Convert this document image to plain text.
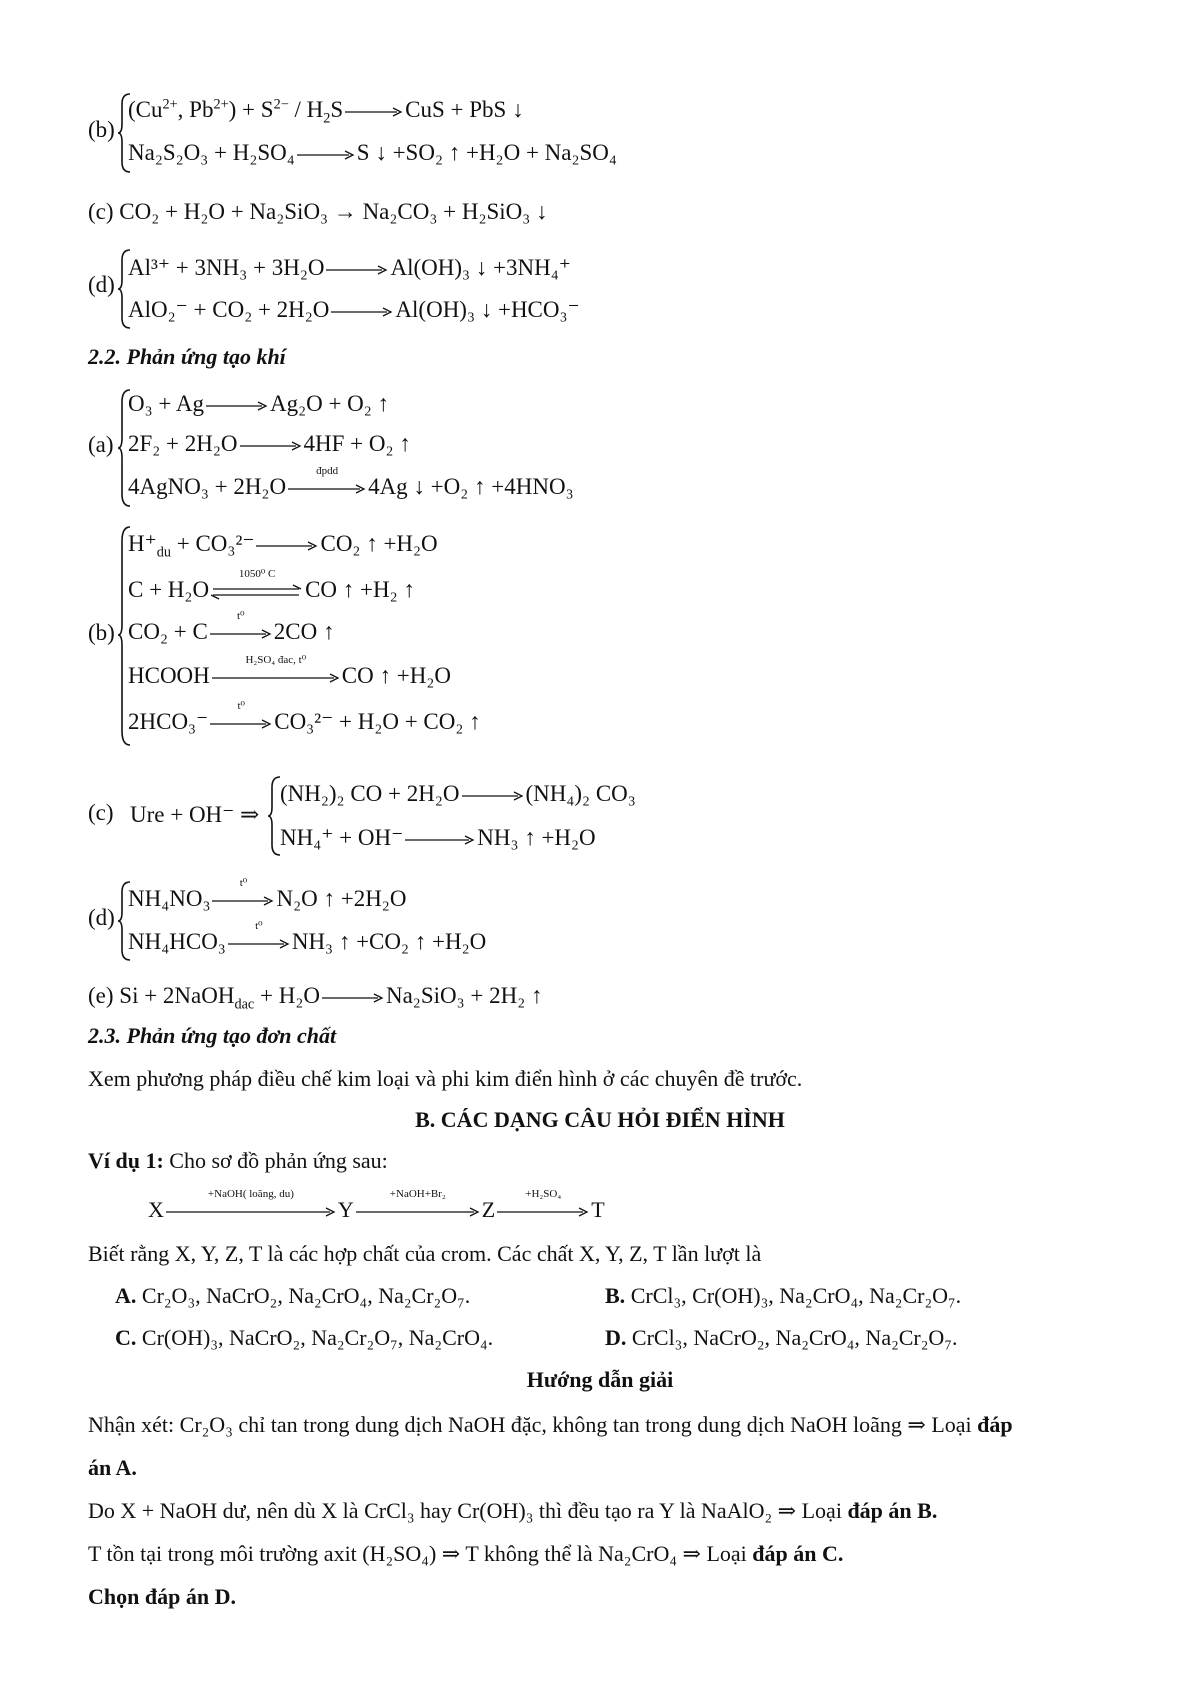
(b)
($Cu^{2+}$, $Pb^{2+}) + S^{2-} / H_2S$ → CuS + PbS ↓
Na₂S₂O₃ + H₂SO₄ → S ↓ +SO₂ ↑ +H₂O + Na₂SO₄
(c) CO₂ + H₂O + Na₂SiO₃ → Na₂CO₃ + H₂SiO₃ ↓
(d)
Al³⁺ + 3NH₃ + 3H₂O → Al(OH)₃ ↓ +3NH₄⁺
AlO₂⁻ + CO₂ + 2H₂O → Al(OH)₃ ↓ +HCO₃⁻
2.2. Phản ứng tạo khí
(a)
O₃ + Ag → Ag₂O + O₂ ↑
2F₂ + 2H₂O → 4HF + O₂ ↑
4AgNO₃ + 2H₂O
đpdd
4Ag ↓ +O₂ ↑ +4HNO₃
(b)
$H^+_{du} + CO_3^{2-} \to CO_2$ ↑ +H₂O
C + H₂O
1050⁰ C
CO ↑ +H₂ ↑
CO₂ + C
t⁰
2CO ↑
HCOOH
H₂SO₄ đac, t⁰
CO ↑ +H₂O
2HCO₃⁻
t⁰
CO₃²⁻ + H₂O + CO₂ ↑
(c) Ure + OH⁻ ⇒
(NH₂)₂ CO + 2H₂O → (NH₄)₂ CO₃
NH₄⁺ + OH⁻ → NH₃ ↑ +H₂O
(d)
NH₄NO₃
t⁰
N₂O ↑ +2H₂O
NH₄HCO₃
t⁰
NH₃ ↑ +CO₂ ↑ +H₂O
(e) Si + 2NaOH$_{dac}$ + H₂O → Na₂SiO₃ + 2H₂ ↑
2.3. Phản ứng tạo đơn chất
Xem phương pháp điều chế kim loại và phi kim điển hình ở các chuyên đề trước.
B. CÁC DẠNG CÂU HỎI ĐIỂN HÌNH
Ví dụ 1: Cho sơ đồ phản ứng sau:
X
+NaOH( loãng, du)
Y
+NaOH+Br₂
Z
+H₂SO₄
T
Biết rằng X, Y, Z, T là các hợp chất của crom. Các chất X, Y, Z, T lần lượt là
A. Cr₂O₃, NaCrO₂, Na₂CrO₄, Na₂Cr₂O₇.	B. CrCl₃, Cr(OH)₃, Na₂CrO₄, Na₂Cr₂O₇.
C. Cr(OH)₃, NaCrO₂, Na₂Cr₂O₇, Na₂CrO₄.	D. CrCl₃, NaCrO₂, Na₂CrO₄, Na₂Cr₂O₇.
Hướng dẫn giải
Nhận xét: Cr₂O₃ chỉ tan trong dung dịch NaOH đặc, không tan trong dung dịch NaOH loãng ⇒ Loại đáp
án A.
Do X + NaOH dư, nên dù X là CrCl₃ hay Cr(OH)₃ thì đều tạo ra Y là NaAlO₂ ⇒ Loại đáp án B.
T tồn tại trong môi trường axit (H₂SO₄) ⇒ T không thể là Na₂CrO₄ ⇒ Loại đáp án C.
Chọn đáp án D.
